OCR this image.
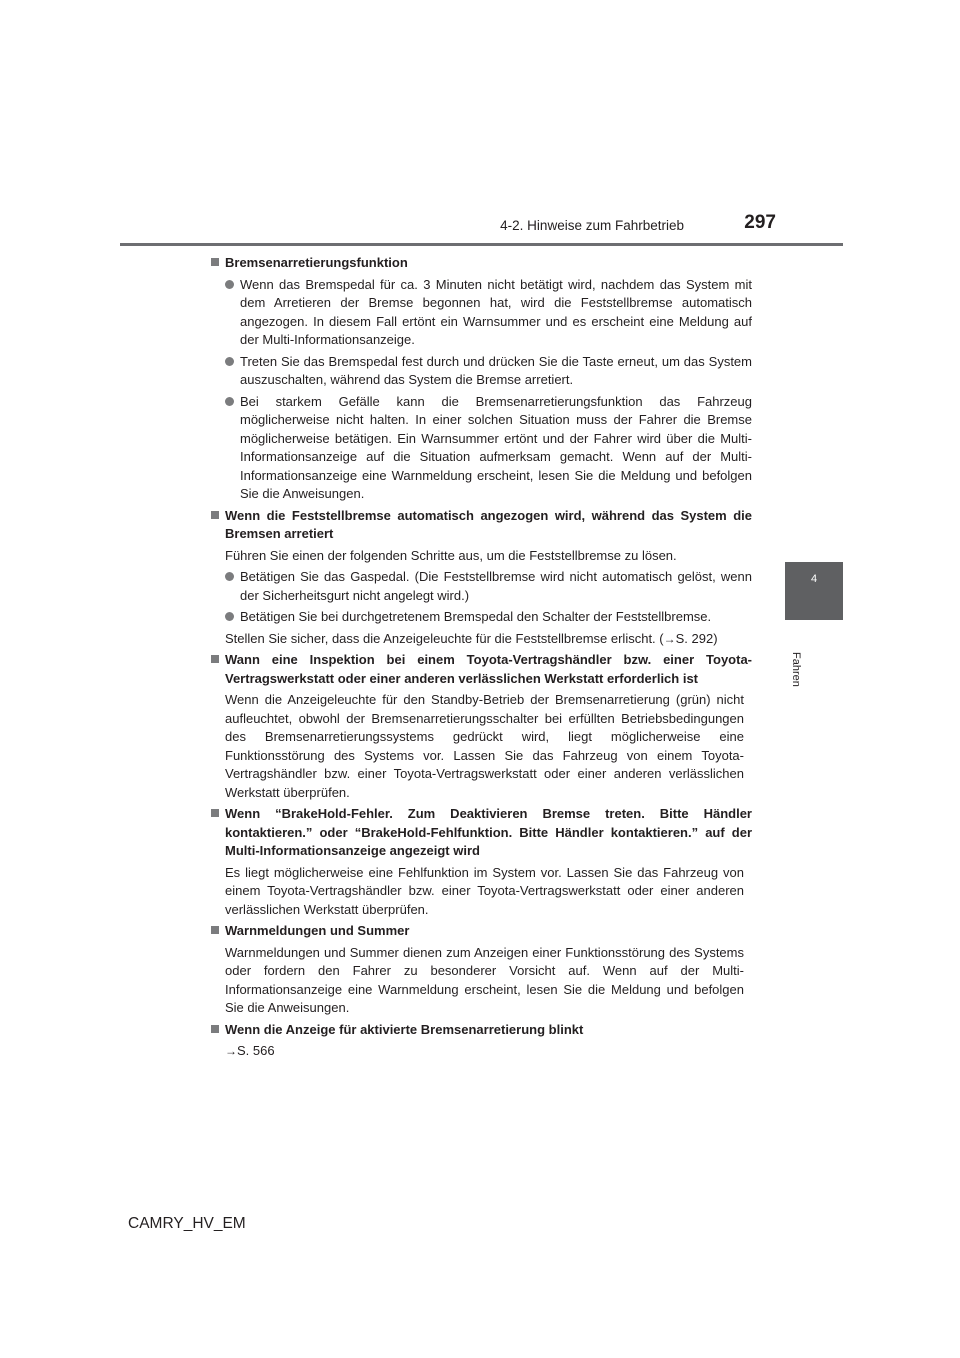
4-2. Hinweise zum Fahrbetrieb	297
4
Fahren
Bremsenarretierungsfunktion
Wenn das Bremspedal für ca. 3 Minuten nicht betätigt wird, nachdem das System mit dem Arretieren der Bremse begonnen hat, wird die Feststellbremse automatisch angezogen. In diesem Fall ertönt ein Warnsummer und es erscheint eine Meldung auf der Multi-Informationsanzeige.
Treten Sie das Bremspedal fest durch und drücken Sie die Taste erneut, um das System auszuschalten, während das System die Bremse arretiert.
Bei starkem Gefälle kann die Bremsenarretierungsfunktion das Fahrzeug möglicherweise nicht halten. In einer solchen Situation muss der Fahrer die Bremse möglicherweise betätigen. Ein Warnsummer ertönt und der Fahrer wird über die Multi-Informationsanzeige auf die Situation aufmerksam gemacht. Wenn auf der Multi-Informationsanzeige eine Warnmeldung erscheint, lesen Sie die Meldung und befolgen Sie die Anweisungen.
Wenn die Feststellbremse automatisch angezogen wird, während das System die Bremsen arretiert
Führen Sie einen der folgenden Schritte aus, um die Feststellbremse zu lösen.
Betätigen Sie das Gaspedal. (Die Feststellbremse wird nicht automatisch gelöst, wenn der Sicherheitsgurt nicht angelegt wird.)
Betätigen Sie bei durchgetretenem Bremspedal den Schalter der Feststellbremse.
Stellen Sie sicher, dass die Anzeigeleuchte für die Feststellbremse erlischt. (→S. 292)
Wann eine Inspektion bei einem Toyota-Vertragshändler bzw. einer Toyota-Vertragswerkstatt oder einer anderen verlässlichen Werkstatt erforderlich ist
Wenn die Anzeigeleuchte für den Standby-Betrieb der Bremsenarretierung (grün) nicht aufleuchtet, obwohl der Bremsenarretierungsschalter bei erfüllten Betriebsbedingungen des Bremsenarretierungssystems gedrückt wird, liegt möglicherweise eine Funktionsstörung des Systems vor. Lassen Sie das Fahrzeug von einem Toyota-Vertragshändler bzw. einer Toyota-Vertragswerkstatt oder einer anderen verlässlichen Werkstatt überprüfen.
Wenn “BrakeHold-Fehler. Zum Deaktivieren Bremse treten. Bitte Händler kontaktieren.” oder “BrakeHold-Fehlfunktion. Bitte Händler kontaktieren.” auf der Multi-Informationsanzeige angezeigt wird
Es liegt möglicherweise eine Fehlfunktion im System vor. Lassen Sie das Fahrzeug von einem Toyota-Vertragshändler bzw. einer Toyota-Vertragswerkstatt oder einer anderen verlässlichen Werkstatt überprüfen.
Warnmeldungen und Summer
Warnmeldungen und Summer dienen zum Anzeigen einer Funktionsstörung des Systems oder fordern den Fahrer zu besonderer Vorsicht auf. Wenn auf der Multi-Informationsanzeige eine Warnmeldung erscheint, lesen Sie die Meldung und befolgen Sie die Anweisungen.
Wenn die Anzeige für aktivierte Bremsenarretierung blinkt
→S. 566
CAMRY_HV_EM
